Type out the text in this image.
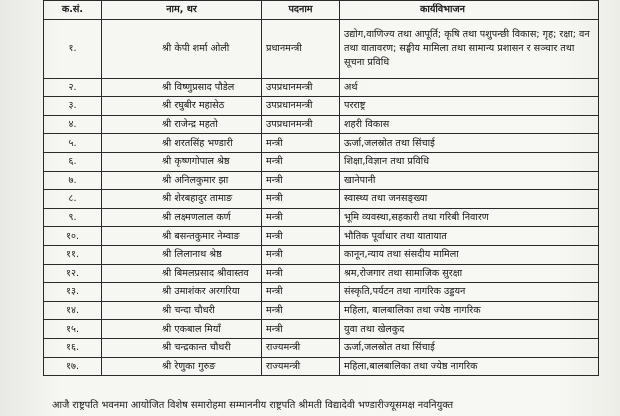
क.सं.	नाम, थर	पदनाम	कार्यविभाजन
१.	श्री केपी शर्मा ओली	प्रधानमन्त्री	उद्योग,वाणिज्य तथा आपूर्ति; कृषि तथा पशुपन्छी विकास; गृह; रक्षा; वन तथा वातावरण; सङ्घीय मामिला तथा सामान्य प्रशासन र सञ्चार तथा सूचना प्रविधि
२.	श्री विष्णुप्रसाद पौडेल	उपप्रधानमन्त्री	अर्थ
३.	श्री रघुबीर महासेठ	उपप्रधानमन्त्री	परराष्ट्र
४.	श्री राजेन्द्र महतो	उपप्रधानमन्त्री	शहरी विकास
५.	श्री शरतसिंह भण्डारी	मन्त्री	ऊर्जा,जलस्रोत तथा सिंचाई
६.	श्री कृष्णगोपाल श्रेष्ठ	मन्त्री	शिक्षा,विज्ञान तथा प्रविधि
७.	श्री अनिलकुमार झा	मन्त्री	खानेपानी
८.	श्री शेरबहादुर तामाङ	मन्त्री	स्वास्थ्य तथा जनसङ्ख्या
९.	श्री लक्ष्मणलाल कर्ण	मन्त्री	भूमि व्यवस्था,सहकारी तथा गरिबी निवारण
१०.	श्री बसन्तकुमार नेम्वाङ	मन्त्री	भौतिक पूर्वाधार तथा यातायात
११.	श्री लिलानाथ श्रेष्ठ	मन्त्री	कानून,न्याय तथा संसदीय मामिला
१२.	श्री बिमलप्रसाद श्रीवास्तव	मन्त्री	श्रम,रोजगार तथा सामाजिक सुरक्षा
१३.	श्री उमाशंकर अरगरिया	मन्त्री	संस्कृति,पर्यटन तथा नागरिक उड्डयन
१४.	श्री चन्दा चौधरी	मन्त्री	महिला, बालबालिका तथा ज्येष्ठ नागरिक
१५.	श्री एकबाल मियाँ	मन्त्री	युवा तथा खेलकुद
१६.	श्री चन्द्रकान्त चौधरी	राज्यमन्त्री	ऊर्जा,जलस्रोत तथा सिंचाई
१७.	श्री रेणुका गुरुङ	राज्यमन्त्री	महिला,बालबालिका तथा ज्येष्ठ नागरिक
आजै राष्ट्रपति भवनमा आयोजित विशेष समारोहमा सम्माननीय राष्ट्रपति श्रीमती विद्यादेवी भण्डारीज्यूसमक्ष नवनियुक्त
